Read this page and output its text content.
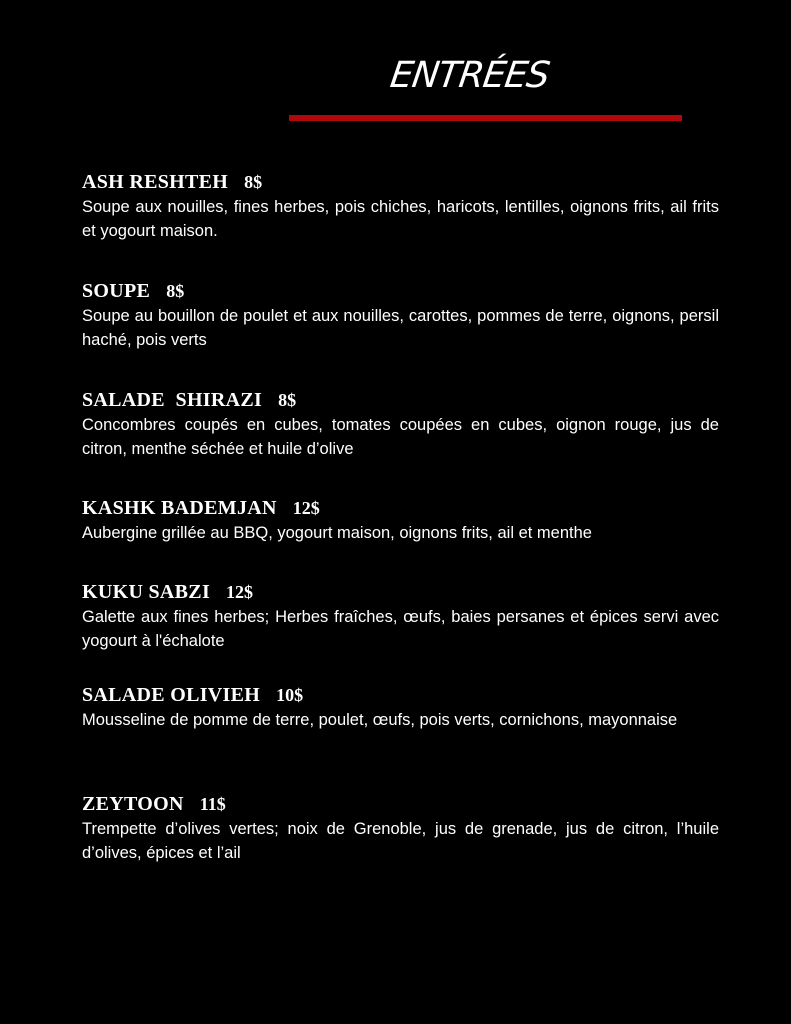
ENTRÉES
ASH RESHTEH 8$
Soupe aux nouilles, fines herbes, pois chiches, haricots, lentilles, oignons frits, ail frits et yogourt maison.
SOUPE 8$
Soupe au bouillon de poulet et aux nouilles, carottes, pommes de terre, oignons, persil haché, pois verts
SALADE  SHIRAZI 8$
Concombres coupés en cubes, tomates coupées en cubes, oignon rouge, jus de citron, menthe séchée et huile d’olive
KASHK BADEMJAN 12$
Aubergine grillée au BBQ, yogourt maison, oignons frits, ail et menthe
KUKU SABZI 12$
Galette aux fines herbes; Herbes fraîches, œufs, baies persanes et épices servi avec yogourt à l'échalote
SALADE OLIVIEH 10$
Mousseline de pomme de terre, poulet, œufs, pois verts, cornichons, mayonnaise
ZEYTOON 11$
Trempette d’olives vertes; noix de Grenoble, jus de grenade, jus de citron, l’huile d’olives, épices et l’ail
